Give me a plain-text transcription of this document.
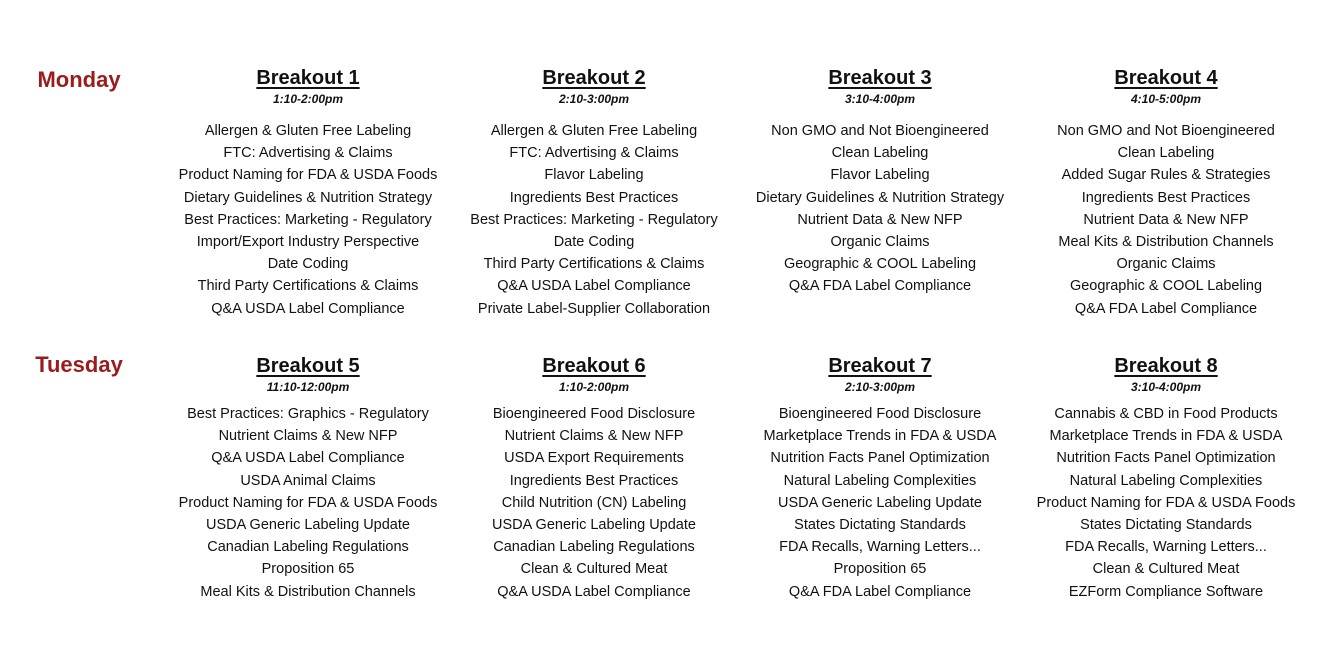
Monday	Breakout 1
1:10-2:00pm
Allergen & Gluten Free Labeling
FTC: Advertising & Claims
Product Naming for FDA & USDA Foods
Dietary Guidelines & Nutrition Strategy
Best Practices: Marketing - Regulatory
Import/Export Industry Perspective
Date Coding
Third Party Certifications & Claims
Q&A USDA Label Compliance
Breakout 2
2:10-3:00pm
Allergen & Gluten Free Labeling
FTC: Advertising & Claims
Flavor Labeling
Ingredients Best Practices
Best Practices: Marketing - Regulatory
Date Coding
Third Party Certifications & Claims
Q&A USDA Label Compliance
Private Label-Supplier Collaboration
Breakout 3
3:10-4:00pm
Non GMO and Not Bioengineered
Clean Labeling
Flavor Labeling
Dietary Guidelines & Nutrition Strategy
Nutrient Data & New NFP
Organic Claims
Geographic & COOL Labeling
Q&A FDA Label Compliance
Breakout 4
4:10-5:00pm
Non GMO and Not Bioengineered
Clean Labeling
Added Sugar Rules & Strategies
Ingredients Best Practices
Nutrient Data & New NFP
Meal Kits & Distribution Channels
Organic Claims
Geographic & COOL Labeling
Q&A FDA Label Compliance
Tuesday	Breakout 5
11:10-12:00pm
Best Practices: Graphics - Regulatory
Nutrient Claims & New NFP
Q&A USDA Label Compliance
USDA Animal Claims
Product Naming for FDA & USDA Foods
USDA Generic Labeling Update
Canadian Labeling Regulations
Proposition 65
Meal Kits & Distribution Channels
Breakout 6
1:10-2:00pm
Bioengineered Food Disclosure
Nutrient Claims & New NFP
USDA Export Requirements
Ingredients Best Practices
Child Nutrition (CN) Labeling
USDA Generic Labeling Update
Canadian Labeling Regulations
Clean & Cultured Meat
Q&A USDA Label Compliance
Breakout 7
2:10-3:00pm
Bioengineered Food Disclosure
Marketplace Trends in FDA & USDA
Nutrition Facts Panel Optimization
Natural Labeling Complexities
USDA Generic Labeling Update
States Dictating Standards
FDA Recalls, Warning Letters...
Proposition 65
Q&A FDA Label Compliance
Breakout 8
3:10-4:00pm
Cannabis & CBD in Food Products
Marketplace Trends in FDA & USDA
Nutrition Facts Panel Optimization
Natural Labeling Complexities
Product Naming for FDA & USDA Foods
States Dictating Standards
FDA Recalls, Warning Letters...
Clean & Cultured Meat
EZForm Compliance Software
